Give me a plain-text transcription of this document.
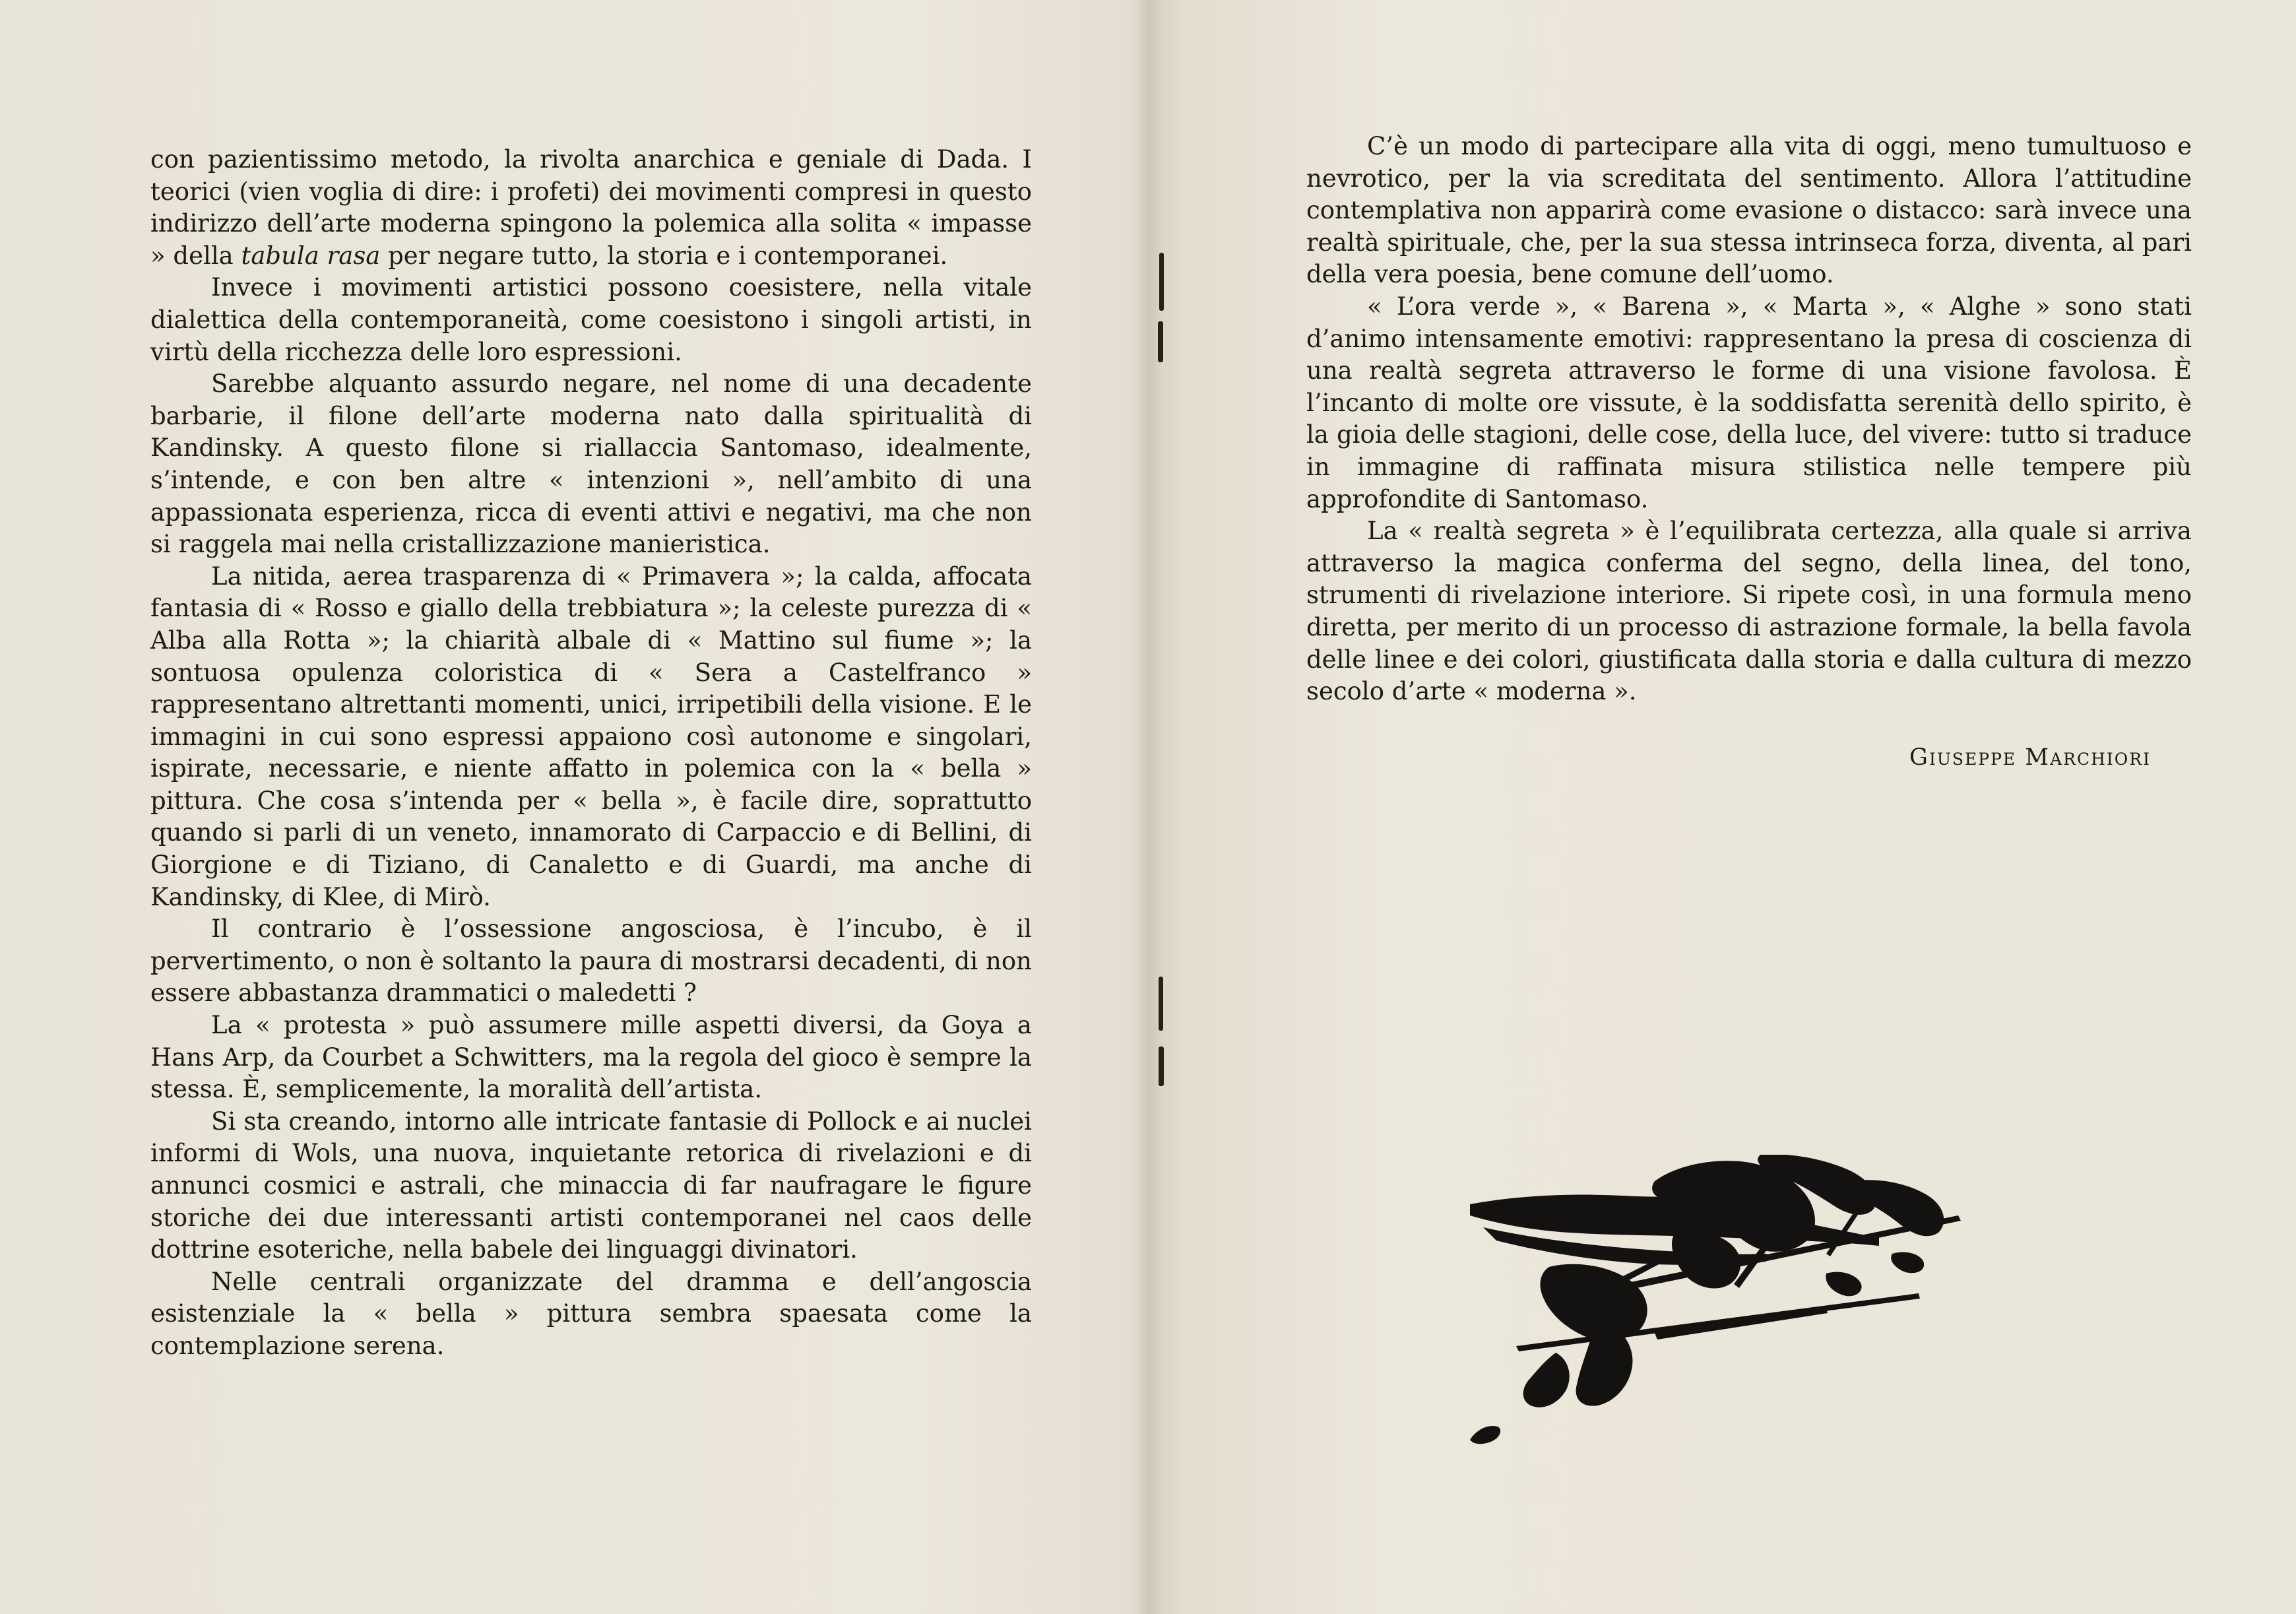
con pazientissimo metodo, la rivolta anarchica e geniale di Dada. I teorici (vien voglia di dire: i profeti) dei movimenti compresi in questo indirizzo dell’arte moderna spingono la polemica alla solita « impasse » della tabula rasa per negare tutto, la storia e i contemporanei.

Invece i movimenti artistici possono coesistere, nella vitale dialettica della contemporaneità, come coesistono i singoli artisti, in virtù della ricchezza delle loro espressioni.

Sarebbe alquanto assurdo negare, nel nome di una decadente barbarie, il filone dell’arte moderna nato dalla spiritualità di Kandinsky. A questo filone si riallaccia Santomaso, idealmente, s’intende, e con ben altre « intenzioni », nell’ambito di una appassionata esperienza, ricca di eventi attivi e negativi, ma che non si raggela mai nella cristallizzazione manieristica.

La nitida, aerea trasparenza di « Primavera »; la calda, affocata fantasia di « Rosso e giallo della trebbiatura »; la celeste purezza di « Alba alla Rotta »; la chiarità albale di « Mattino sul fiume »; la sontuosa opulenza coloristica di « Sera a Castelfranco » rappresentano altrettanti momenti, unici, irripetibili della visione. E le immagini in cui sono espressi appaiono così autonome e singolari, ispirate, necessarie, e niente affatto in polemica con la « bella » pittura. Che cosa s’intenda per « bella », è facile dire, soprattutto quando si parli di un veneto, innamorato di Carpaccio e di Bellini, di Giorgione e di Tiziano, di Canaletto e di Guardi, ma anche di Kandinsky, di Klee, di Mirò.

Il contrario è l’ossessione angosciosa, è l’incubo, è il pervertimento, o non è soltanto la paura di mostrarsi decadenti, di non essere abbastanza drammatici o maledetti ?

La « protesta » può assumere mille aspetti diversi, da Goya a Hans Arp, da Courbet a Schwitters, ma la regola del gioco è sempre la stessa. È, semplicemente, la moralità dell’artista.

Si sta creando, intorno alle intricate fantasie di Pollock e ai nuclei informi di Wols, una nuova, inquietante retorica di rivelazioni e di annunci cosmici e astrali, che minaccia di far naufragare le figure storiche dei due interessanti artisti contemporanei nel caos delle dottrine esoteriche, nella babele dei linguaggi divinatori.

Nelle centrali organizzate del dramma e dell’angoscia esistenziale la « bella » pittura sembra spaesata come la contemplazione serena.

C’è un modo di partecipare alla vita di oggi, meno tumultuoso e nevrotico, per la via screditata del sentimento. Allora l’attitudine contemplativa non apparirà come evasione o distacco: sarà invece una realtà spirituale, che, per la sua stessa intrinseca forza, diventa, al pari della vera poesia, bene comune dell’uomo.

« L’ora verde », « Barena », « Marta », « Alghe » sono stati d’animo intensamente emotivi: rappresentano la presa di coscienza di una realtà segreta attraverso le forme di una visione favolosa. È l’incanto di molte ore vissute, è la soddisfatta serenità dello spirito, è la gioia delle stagioni, delle cose, della luce, del vivere: tutto si traduce in immagine di raffinata misura stilistica nelle tempere più approfondite di Santomaso.

La « realtà segreta » è l’equilibrata certezza, alla quale si arriva attraverso la magica conferma del segno, della linea, del tono, strumenti di rivelazione interiore. Si ripete così, in una formula meno diretta, per merito di un processo di astrazione formale, la bella favola delle linee e dei colori, giustificata dalla storia e dalla cultura di mezzo secolo d’arte « moderna ».

Giuseppe Marchiori
